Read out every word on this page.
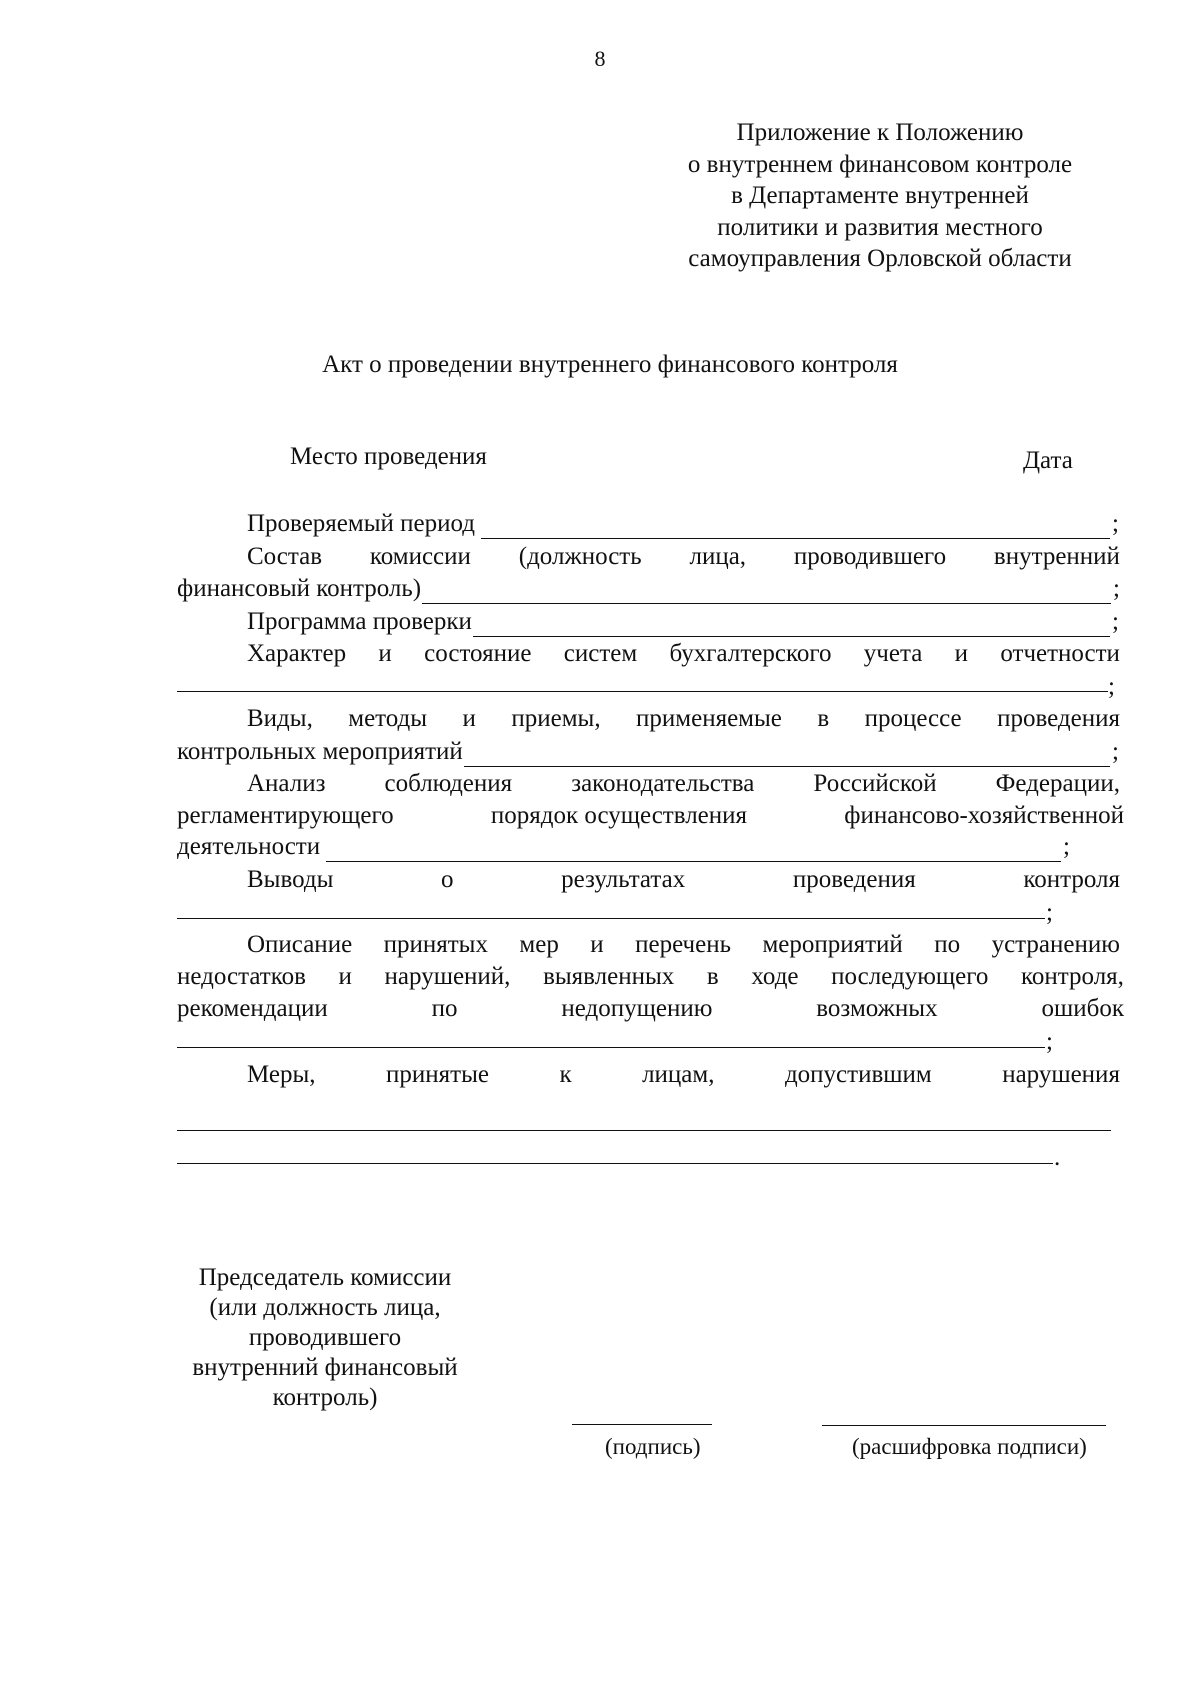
8
Приложение к Положению
о внутреннем финансовом контроле
в Департаменте внутренней
политики и развития местного
самоуправления Орловской области
Акт о проведении внутреннего финансового контроля
Место проведения	Дата
Проверяемый период	;
Состав комиссии (должность лица, проводившего внутренний
финансовый контроль)	;
Программа проверки	;
Характер и состояние систем бухгалтерского учета и отчетности
;
Виды, методы и приемы, применяемые в процессе проведения
контрольных мероприятий	;
Анализ соблюдения законодательства Российской Федерации,
регламентирующего	порядок осуществления	финансово-хозяйственной
деятельности	;
Выводы	о	результатах	проведения	контроля
;
Описание принятых мер и перечень мероприятий по устранению
недостатков и нарушений, выявленных в ходе последующего контроля,
рекомендации	по	недопущению	возможных	ошибок
;
Меры,	принятые	к	лицам,	допустившим	нарушения
.
Председатель комиссии
(или должность лица,
проводившего
внутренний финансовый
контроль)
(подпись)	(расшифровка подписи)
